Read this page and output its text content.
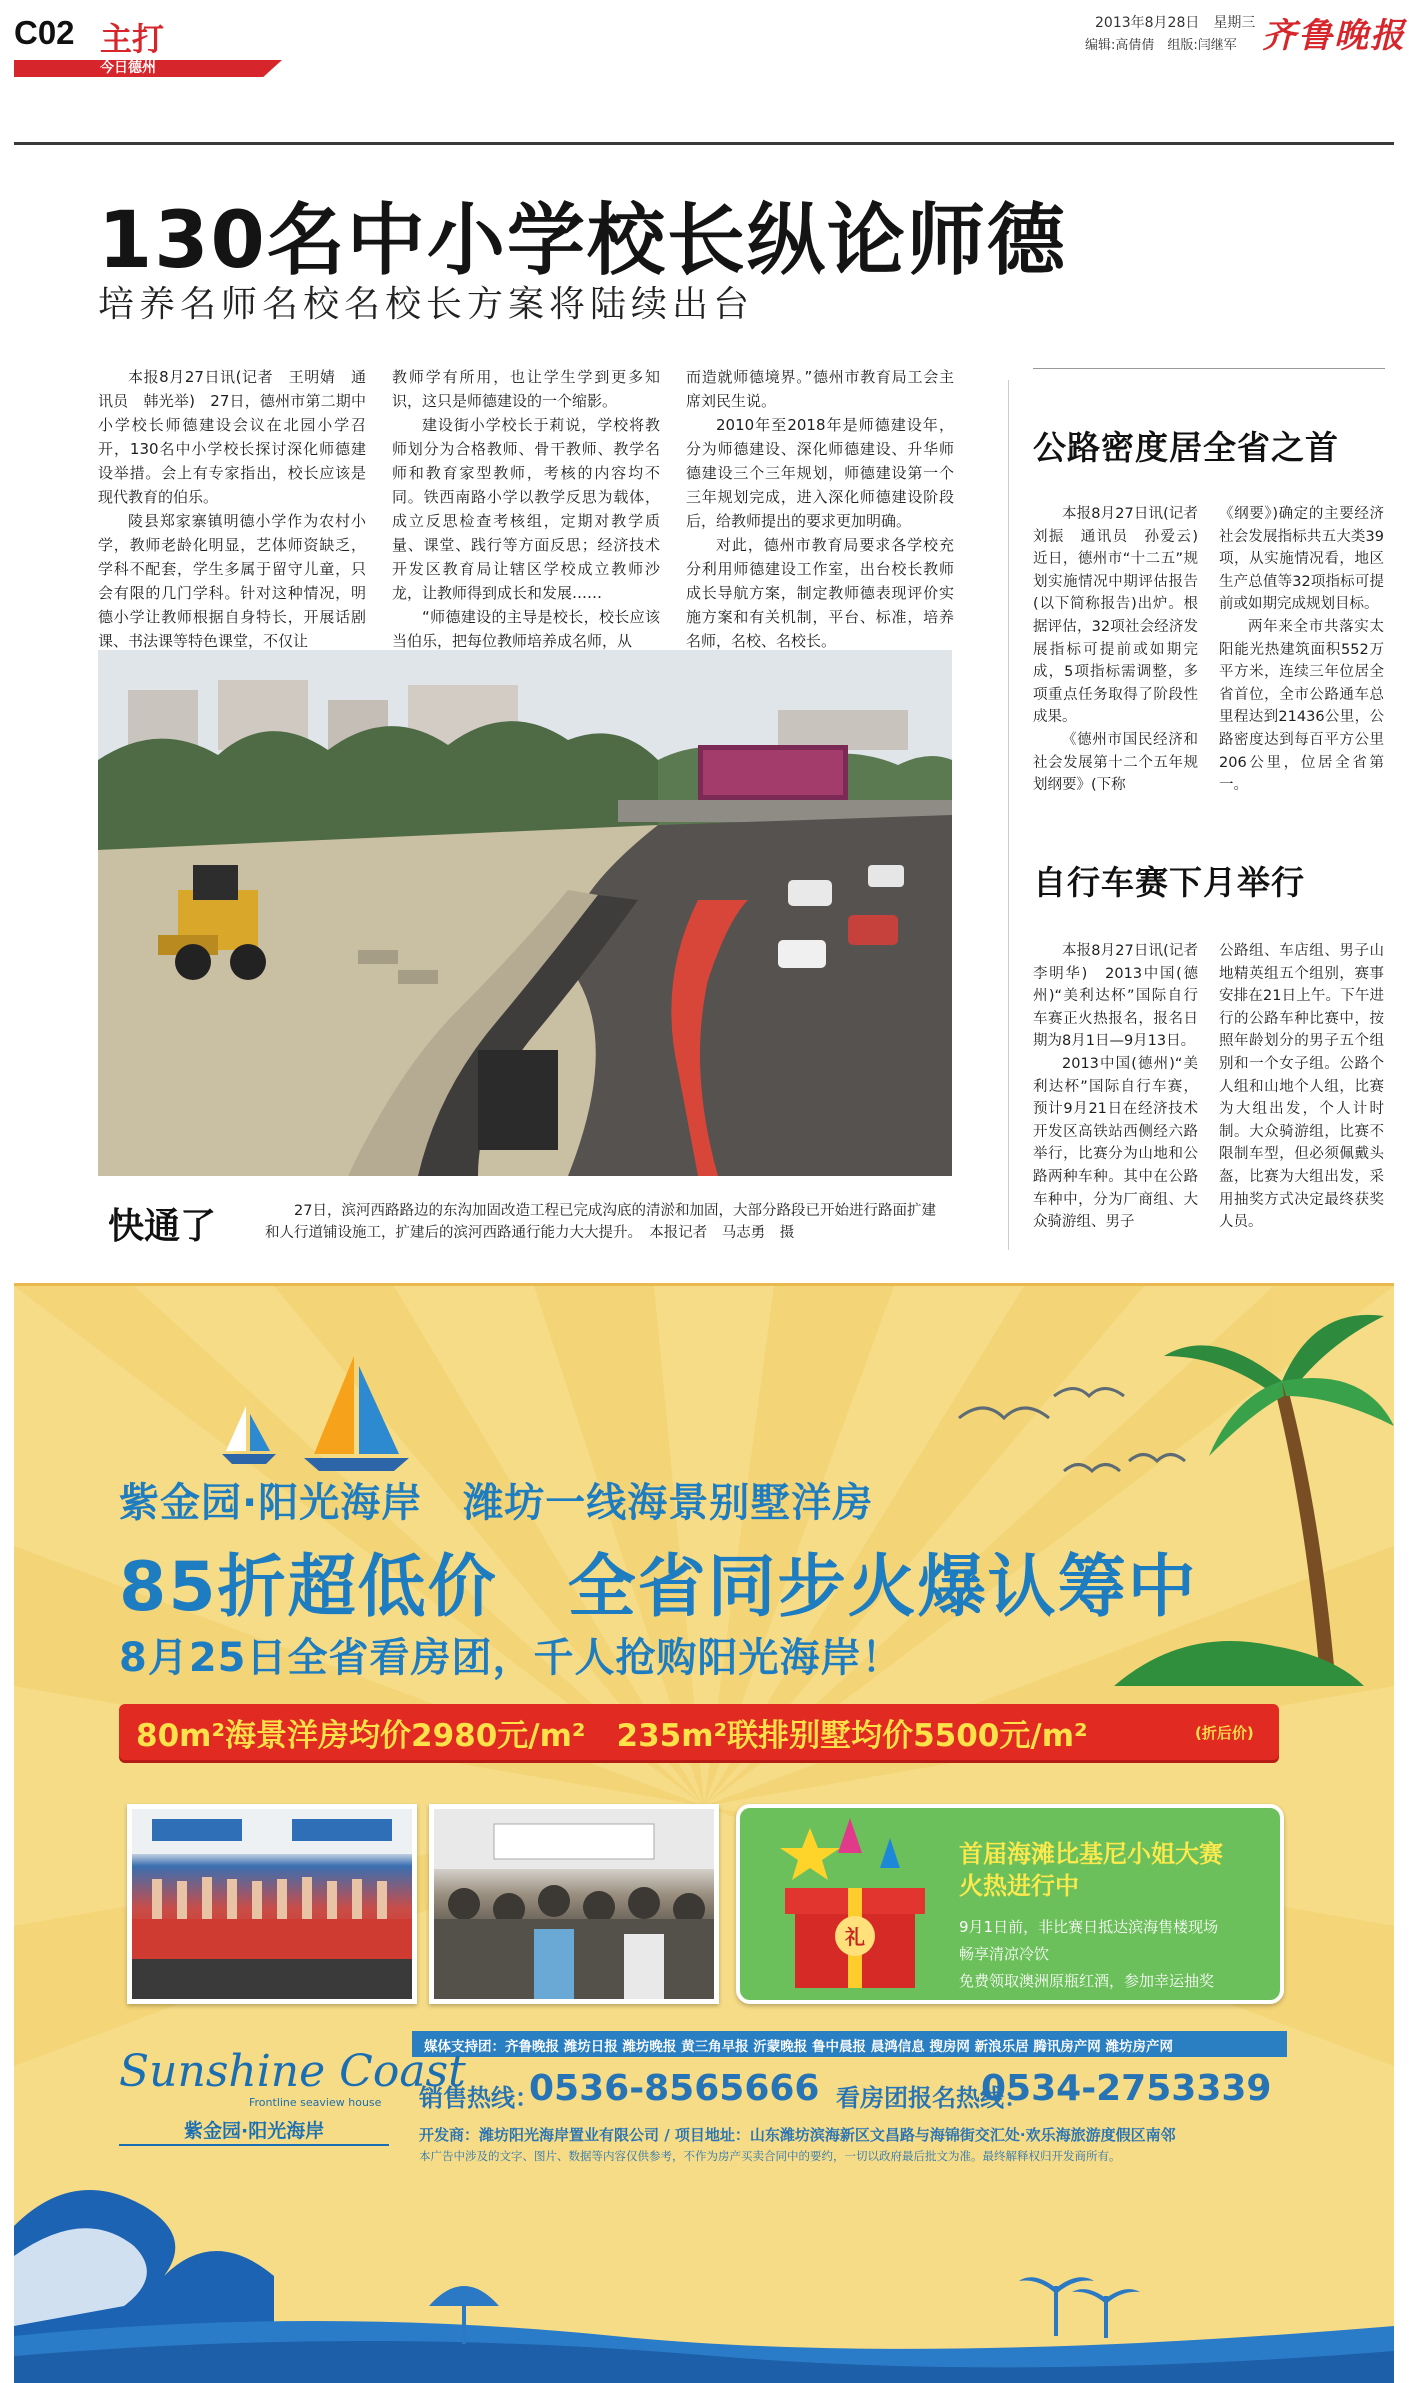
C02 主打
今日德州
2013年8月28日　星期三
编辑:高倩倩　组版:闫继军 齐鲁晚报
130名中小学校长纵论师德
培养名师名校名校长方案将陆续出台

本报8月27日讯(记者　王明婧　通讯员　韩光举)　27日，德州市第二期中小学校长师德建设会议在北园小学召开，130名中小学校长探讨深化师德建设举措。会上有专家指出，校长应该是现代教育的伯乐。

陵县郑家寨镇明德小学作为农村小学，教师老龄化明显，艺体师资缺乏，学科不配套，学生多属于留守儿童，只会有限的几门学科。针对这种情况，明德小学让教师根据自身特长，开展话剧课、书法课等特色课堂，不仅让

教师学有所用，也让学生学到更多知识，这只是师德建设的一个缩影。

建设街小学校长于莉说，学校将教师划分为合格教师、骨干教师、教学名师和教育家型教师，考核的内容均不同。铁西南路小学以教学反思为载体，成立反思检查考核组，定期对教学质量、课堂、践行等方面反思；经济技术开发区教育局让辖区学校成立教师沙龙，让教师得到成长和发展……

“师德建设的主导是校长，校长应该当伯乐，把每位教师培养成名师，从

而造就师德境界。”德州市教育局工会主席刘民生说。

2010年至2018年是师德建设年，分为师德建设、深化师德建设、升华师德建设三个三年规划，师德建设第一个三年规划完成，进入深化师德建设阶段后，给教师提出的要求更加明确。

对此，德州市教育局要求各学校充分利用师德建设工作室，出台校长教师成长导航方案，制定教师德表现评价实施方案和有关机制，平台、标准，培养名师，名校、名校长。

快通了	27日，滨河西路路边的东沟加固改造工程已完成沟底的清淤和加固，大部分路段已开始进行路面扩建和人行道铺设施工，扩建后的滨河西路通行能力大大提升。　本报记者　马志勇　摄
公路密度居全省之首

本报8月27日讯(记者　刘振　通讯员　孙爱云)　近日，德州市“十二五”规划实施情况中期评估报告(以下简称报告)出炉。根据评估，32项社会经济发展指标可提前或如期完成，5项指标需调整，多项重点任务取得了阶段性成果。

《德州市国民经济和社会发展第十二个五年规划纲要》(下称

《纲要》)确定的主要经济社会发展指标共五大类39项，从实施情况看，地区生产总值等32项指标可提前或如期完成规划目标。

两年来全市共落实太阳能光热建筑面积552万平方米，连续三年位居全省首位，全市公路通车总里程达到21436公里，公路密度达到每百平方公里206公里，位居全省第一。

自行车赛下月举行

本报8月27日讯(记者　李明华)　2013中国(德州)“美利达杯”国际自行车赛正火热报名，报名日期为8月1日—9月13日。

2013中国(德州)“美利达杯”国际自行车赛，预计9月21日在经济技术开发区高铁站西侧经六路举行，比赛分为山地和公路两种车种。其中在公路车种中，分为厂商组、大众骑游组、男子

公路组、车店组、男子山地精英组五个组别，赛事安排在21日上午。下午进行的公路车种比赛中，按照年龄划分的男子五个组别和一个女子组。公路个人组和山地个人组，比赛为大组出发，个人计时制。大众骑游组，比赛不限制车型，但必须佩戴头盔，比赛为大组出发，采用抽奖方式决定最终获奖人员。

紫金园·阳光海岸　潍坊一线海景别墅洋房
85折超低价　全省同步火爆认筹中
8月25日全省看房团，千人抢购阳光海岸！
80m²海景洋房均价2980元/m²　235m²联排别墅均价5500元/m²	(折后价)
礼
首届海滩比基尼小姐大赛
火热进行中
9月1日前，非比赛日抵达滨海售楼现场
畅享清凉冷饮
免费领取澳洲原瓶红酒，参加幸运抽奖
媒体支持团：齐鲁晚报 潍坊日报 潍坊晚报 黄三角早报 沂蒙晚报 鲁中晨报 晨鸿信息 搜房网 新浪乐居 腾讯房产网 潍坊房产网
Sunshine Coast
Frontline seaview house
紫金园·阳光海岸
销售热线：
0536-8565666 看房团报名热线：
0534-2753339
开发商：潍坊阳光海岸置业有限公司 / 项目地址：山东潍坊滨海新区文昌路与海锦街交汇处·欢乐海旅游度假区南邻
本广告中涉及的文字、图片、数据等内容仅供参考，不作为房产买卖合同中的要约，一切以政府最后批文为准。最终解释权归开发商所有。
